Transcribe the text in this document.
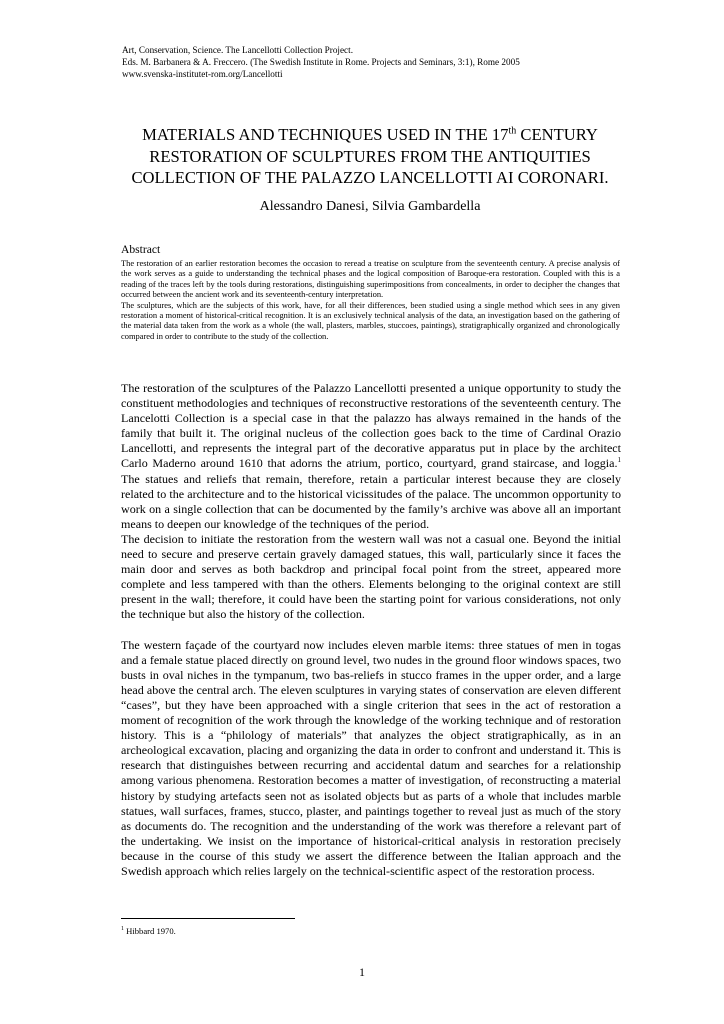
Art, Conservation, Science. The Lancellotti Collection Project.
Eds. M. Barbanera & A. Freccero. (The Swedish Institute in Rome. Projects and Seminars, 3:1), Rome 2005
www.svenska-institutet-rom.org/Lancellotti
MATERIALS AND TECHNIQUES USED IN THE 17th CENTURY RESTORATION OF SCULPTURES FROM THE ANTIQUITIES COLLECTION OF THE PALAZZO LANCELLOTTI AI CORONARI.
Alessandro Danesi, Silvia Gambardella
Abstract

The restoration of an earlier restoration becomes the occasion to reread a treatise on sculpture from the seventeenth century. A precise analysis of the work serves as a guide to understanding the technical phases and the logical composition of Baroque-era restoration. Coupled with this is a reading of the traces left by the tools during restorations, distinguishing superimpositions from concealments, in order to decipher the changes that occurred between the ancient work and its seventeenth-century interpretation.

The sculptures, which are the subjects of this work, have, for all their differences, been studied using a single method which sees in any given restoration a moment of historical-critical recognition. It is an exclusively technical analysis of the data, an investigation based on the gathering of the material data taken from the work as a whole (the wall, plasters, marbles, stuccoes, paintings), stratigraphically organized and chronologically compared in order to contribute to the study of the collection.

The restoration of the sculptures of the Palazzo Lancellotti presented a unique opportunity to study the constituent methodologies and techniques of reconstructive restorations of the seventeenth century. The Lancelotti Collection is a special case in that the palazzo has always remained in the hands of the family that built it. The original nucleus of the collection goes back to the time of Cardinal Orazio Lancellotti, and represents the integral part of the decorative apparatus put in place by the architect Carlo Maderno around 1610 that adorns the atrium, portico, courtyard, grand staircase, and loggia.$^1$ The statues and reliefs that remain, therefore, retain a particular interest because they are closely related to the architecture and to the historical vicissitudes of the palace. The uncommon opportunity to work on a single collection that can be documented by the family’s archive was above all an important means to deepen our knowledge of the techniques of the period.

The decision to initiate the restoration from the western wall was not a casual one. Beyond the initial need to secure and preserve certain gravely damaged statues, this wall, particularly since it faces the main door and serves as both backdrop and principal focal point from the street, appeared more complete and less tampered with than the others. Elements belonging to the original context are still present in the wall; therefore, it could have been the starting point for various considerations, not only the technique but also the history of the collection.

The western façade of the courtyard now includes eleven marble items: three statues of men in togas and a female statue placed directly on ground level, two nudes in the ground floor windows spaces, two busts in oval niches in the tympanum, two bas-reliefs in stucco frames in the upper order, and a large head above the central arch. The eleven sculptures in varying states of conservation are eleven different “cases”, but they have been approached with a single criterion that sees in the act of restoration a moment of recognition of the work through the knowledge of the working technique and of restoration history. This is a “philology of materials” that analyzes the object stratigraphically, as in an archeological excavation, placing and organizing the data in order to confront and understand it. This is research that distinguishes between recurring and accidental datum and searches for a relationship among various phenomena. Restoration becomes a matter of investigation, of reconstructing a material history by studying artefacts seen not as isolated objects but as parts of a whole that includes marble statues, wall surfaces, frames, stucco, plaster, and paintings together to reveal just as much of the story as documents do. The recognition and the understanding of the work was therefore a relevant part of the undertaking. We insist on the importance of historical-critical analysis in restoration precisely because in the course of this study we assert the difference between the Italian approach and the Swedish approach which relies largely on the technical-scientific aspect of the restoration process.

$^1$ Hibbard 1970.
1
